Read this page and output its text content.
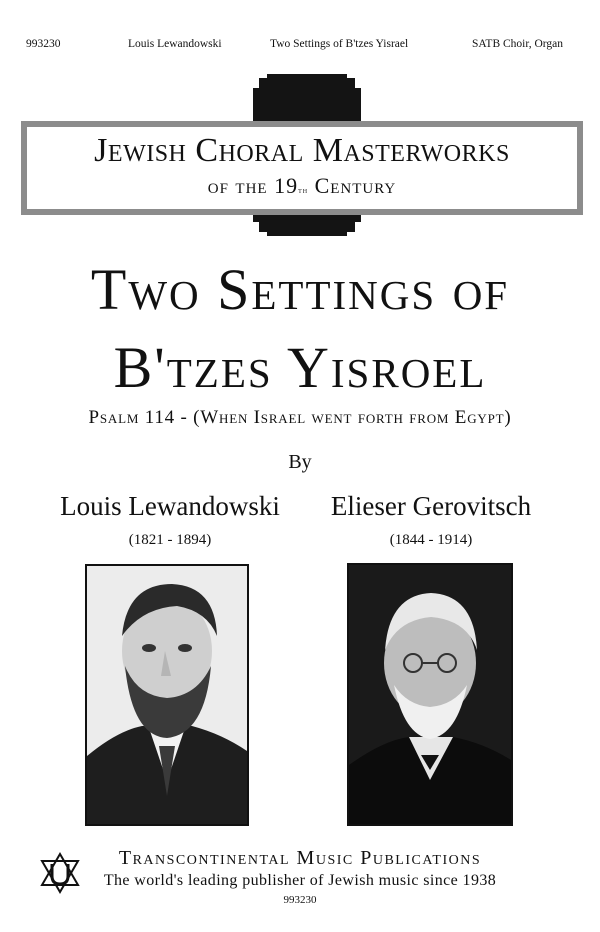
993230	Louis Lewandowski	Two Settings of B'tzes Yisrael	SATB Choir, Organ
Jewish Choral Masterworks
of the 19th Century
Two Settings of
B'tzes Yisroel
Psalm 114 - (When Israel went forth from Egypt)
By
Louis Lewandowski
(1821 - 1894)
Elieser Gerovitsch
(1844 - 1914)
Transcontinental Music Publications
The world's leading publisher of Jewish music since 1938
993230
